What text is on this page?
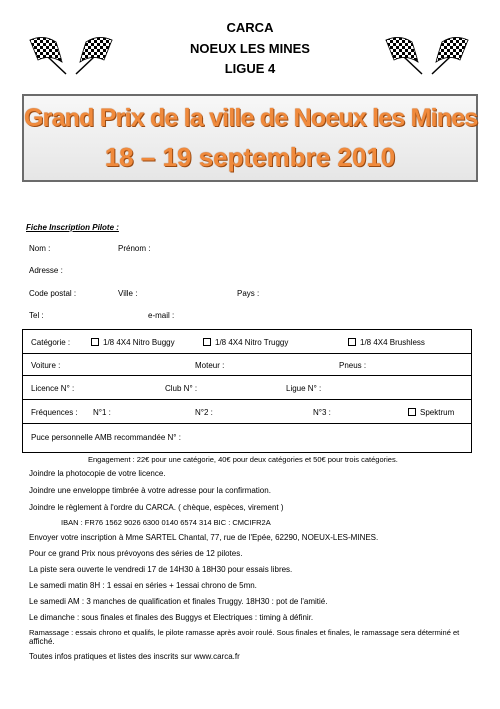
CARCA
NOEUX LES MINES
LIGUE 4
Grand Prix de la ville de Noeux les Mines
18 – 19 septembre 2010
Fiche Inscription Pilote :
Nom :	Prénom :
Adresse :
Code postal :	Ville :	Pays :
Tel :	e-mail :
Catégorie :	1/8 4X4 Nitro Buggy	1/8 4X4 Nitro Truggy	1/8 4X4 Brushless
Voiture :	Moteur :	Pneus :
Licence N° :	Club N° :	Ligue N° :
Fréquences : N°1 :	N°2 :	N°3 :	Spektrum
Puce personnelle AMB recommandée N° :
Engagement : 22€ pour une catégorie, 40€ pour deux catégories et 50€ pour trois catégories.
Joindre la photocopie de votre licence.
Joindre une enveloppe timbrée à votre adresse pour la confirmation.
Joindre le règlement à l'ordre du CARCA. ( chèque, espèces, virement )
IBAN : FR76 1562 9026 6300 0140 6574 314 BIC : CMCIFR2A
Envoyer votre inscription à Mme SARTEL Chantal, 77, rue de l'Epée, 62290, NOEUX-LES-MINES.
Pour ce grand Prix nous prévoyons des séries de 12 pilotes.
La piste sera ouverte le vendredi 17 de 14H30 à 18H30 pour essais libres.
Le samedi matin 8H : 1 essai en séries + 1essai chrono de 5mn.
Le samedi AM : 3 manches de qualification et finales Truggy. 18H30 : pot de l'amitié.
Le dimanche : sous finales et finales des Buggys et Electriques : timing à définir.
Ramassage : essais chrono et qualifs, le pilote ramasse après avoir roulé. Sous finales et finales, le ramassage sera déterminé et
affiché.
Toutes infos pratiques et listes des inscrits sur www.carca.fr
